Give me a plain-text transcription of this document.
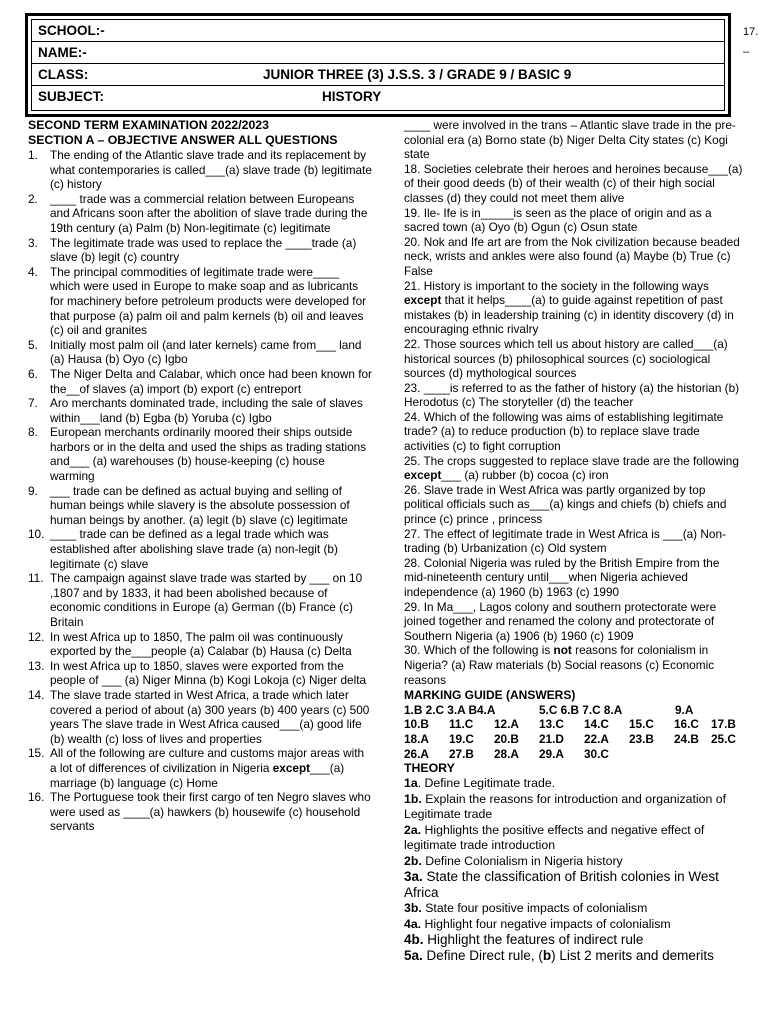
SCHOOL:-
NAME:-
CLASS:	JUNIOR THREE (3) J.S.S. 3 / GRADE 9 / BASIC 9
SUBJECT:	HISTORY
17.
–
SECOND TERM EXAMINATION 2022/2023
SECTION A – OBJECTIVE ANSWER ALL QUESTIONS
1. The ending of the Atlantic slave trade and its replacement by what contemporaries is called___(a) slave trade (b) legitimate (c) history
2. ____ trade was a commercial relation between Europeans and Africans soon after the abolition of slave trade during the 19th century (a) Palm (b) Non-legitimate (c) legitimate
3. The legitimate trade was used to replace the ____trade (a) slave (b) legit (c) country
4. The principal commodities of legitimate trade were____ which were used in Europe to make soap and as lubricants for machinery before petroleum products were developed for that purpose (a) palm oil and palm kernels (b) oil and leaves (c) oil and granites
5. Initially most palm oil (and later kernels) came from___ land (a) Hausa (b) Oyo (c) Igbo
6. The Niger Delta and Calabar, which once had been known for the__of slaves (a) import (b) export (c) entreport
7. Aro merchants dominated trade, including the sale of slaves within___land (b) Egba (b) Yoruba (c) Igbo
8. European merchants ordinarily moored their ships outside harbors or in the delta and used the ships as trading stations and___ (a) warehouses (b) house-keeping (c) house warming
9. ___ trade can be defined as actual buying and selling of human beings while slavery is the absolute possession of human beings by another. (a) legit (b) slave (c) legitimate
10. ____ trade can be defined as a legal trade which was established after abolishing slave trade (a) non-legit (b) legitimate (c) slave
11. The campaign against slave trade was started by ___ on 10 ,1807 and by 1833, it had been abolished because of economic conditions in Europe (a) German ((b) France (c) Britain
12. In west Africa up to 1850, The palm oil was continuously exported by the___people (a) Calabar (b) Hausa (c) Delta
13. In west Africa up to 1850, slaves were exported from the people of ___ (a) Niger Minna (b) Kogi Lokoja (c) Niger delta
14. The slave trade started in West Africa, a trade which later covered a period of about (a) 300 years (b) 400 years (c) 500 years The slave trade in West Africa caused___(a) good life (b) wealth (c) loss of lives and properties
15. All of the following are culture and customs major areas with a lot of differences of civilization in Nigeria except___(a) marriage (b) language (c) Home
16. The Portuguese took their first cargo of ten Negro slaves who were used as ____(a) hawkers (b) housewife (c) household servants
____ were involved in the trans – Atlantic slave trade in the pre-colonial era (a) Borno state (b) Niger Delta City states (c) Kogi state
18. Societies celebrate their heroes and heroines because___(a) of their good deeds (b) of their wealth (c) of their high social classes (d) they could not meet them alive
19. Ile- Ife is in_____is seen as the place of origin and as a sacred town (a) Oyo (b) Ogun (c) Osun state
20. Nok and Ife art are from the Nok civilization because beaded neck, wrists and ankles were also found (a) Maybe (b) True (c) False
21. History is important to the society in the following ways except that it helps____(a) to guide against repetition of past mistakes (b) in leadership training (c) in identity discovery (d) in encouraging ethnic rivalry
22. Those sources which tell us about history are called___(a) historical sources (b) philosophical sources (c) sociological sources (d) mythological sources
23. ____is referred to as the father of history (a) the historian (b) Herodotus (c) The storyteller (d) the teacher
24. Which of the following was aims of establishing legitimate trade? (a) to reduce production (b) to replace slave trade activities (c) to fight corruption
25. The crops suggested to replace slave trade are the following except___ (a) rubber (b) cocoa (c) iron
26. Slave trade in West Africa was partly organized by top political officials such as___(a) kings and chiefs (b) chiefs and prince (c) prince , princess
27. The effect of legitimate trade in West Africa is ___(a) Non-trading (b) Urbanization (c) Old system
28. Colonial Nigeria was ruled by the British Empire from the mid-nineteenth century until___when Nigeria achieved independence (a) 1960 (b) 1963 (c) 1990
29. In Ma___, Lagos colony and southern protectorate were joined together and renamed the colony and protectorate of Southern Nigeria (a) 1906 (b) 1960 (c) 1909
30. Which of the following is not reasons for colonialism in Nigeria? (a) Raw materials (b) Social reasons (c) Economic reasons
MARKING GUIDE (ANSWERS)
1.B 2.C 3.A B4.A	5.C 6.B 7.C 8.A	9.A
10.B 11.C 12.A 13.C 14.C 15.C 16.C 17.B
18.A 19.C 20.B 21.D 22.A 23.B 24.B 25.C
26.A 27.B 28.A 29.A 30.C
THEORY
1a. Define Legitimate trade.
1b. Explain the reasons for introduction and organization of Legitimate trade
2a. Highlights the positive effects and negative effect of legitimate trade introduction
2b. Define Colonialism in Nigeria history
3a. State the classification of British colonies in West Africa
3b. State four positive impacts of colonialism
4a. Highlight four negative impacts of colonialism
4b. Highlight the features of indirect rule
5a. Define Direct rule, (b) List 2 merits and demerits
